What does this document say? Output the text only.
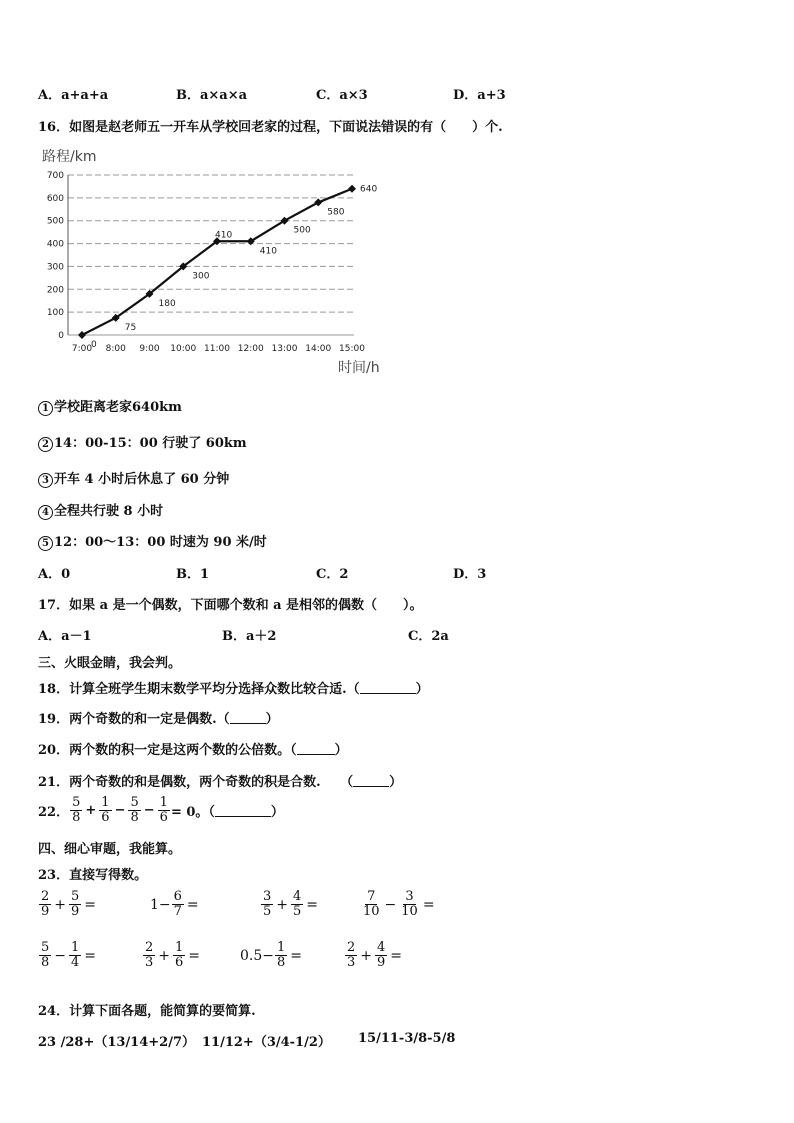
A．a+a+a	B．a×a×a	C．a×3	D．a+3
16．如图是赵老师五一开车从学校回老家的过程，下面说法错误的有（　　）个.
路程/km
0
100
200
300
400
500
600
700
7:00 8:00 9:00 10:00 11:00 12:00 13:00 14:00 15:00
0
75
180
300
410
410
500
580
640
时间/h
1 学校距离老家640km
2 14：00-15：00 行驶了 60km
3 开车 4 小时后休息了 60 分钟
4 全程共行驶 8 小时
5 12：00～13：00 时速为 90 米/时
A．0	B．1	C．2	D．3
17．如果 a 是一个偶数，下面哪个数和 a 是相邻的偶数（　　）。
A．a－1	B．a＋2	C．2a
三、火眼金睛，我会判。
18．计算全班学生期末数学平均分选择众数比较合适.（	）
19．两个奇数的和一定是偶数.（	）
20．两个数的积一定是这两个数的公倍数。（	）
21．两个奇数的和是偶数，两个奇数的积是合数.　　（	）
22． $\frac{5}{8} + \frac{1}{6} - \frac{5}{8} - \frac{1}{6} = 0$。（	）
四、细心审题，我能算。
23．直接写得数。
$\frac{2}{9} + \frac{5}{9}$ =	$1- \frac{6}{7}$ =	$\frac{3}{5} + \frac{4}{5}$ =	$\frac{7}{10} - \frac{3}{10}$ =
$\frac{5}{8} - \frac{1}{4}$ =	$\frac{2}{3} + \frac{1}{6}$ =	$0.5- \frac{1}{8}$ =	$\frac{2}{3} + \frac{4}{9}$ =
24．计算下面各题，能简算的要简算.
23 /28+（13/14+2/7） 11/12+（3/4-1/2） 15/11-3/8-5/8
